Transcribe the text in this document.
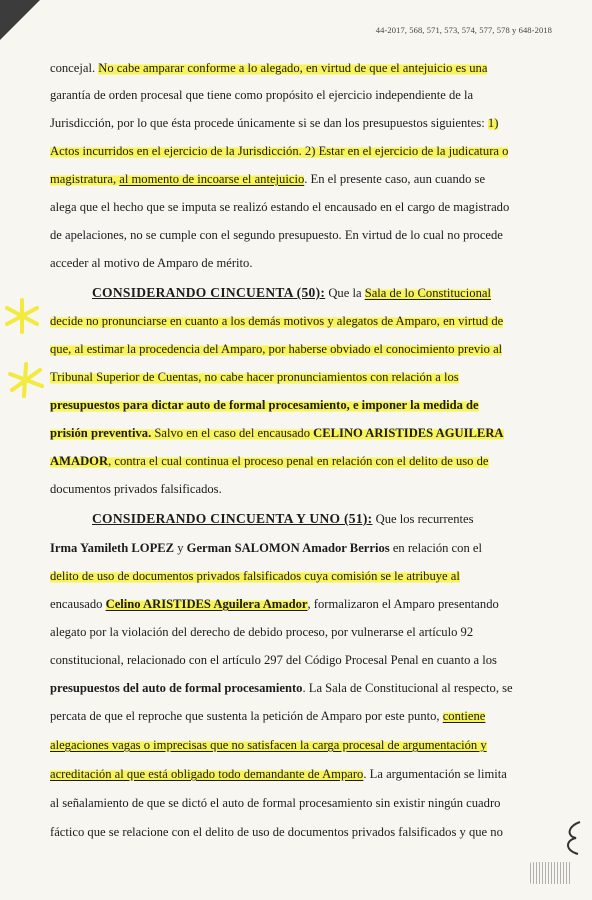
44-2017, 568, 571, 573, 574, 577, 578 y 648-2018
concejal. No cabe amparar conforme a lo alegado, en virtud de que el antejuicio es una
garantía de orden procesal que tiene como propósito el ejercicio independiente de la
Jurisdicción, por lo que ésta procede únicamente si se dan los presupuestos siguientes: 1)
Actos incurridos en el ejercicio de la Jurisdicción. 2) Estar en el ejercicio de la judicatura o
magistratura, al momento de incoarse el antejuicio. En el presente caso, aun cuando se
alega que el hecho que se imputa se realizó estando el encausado en el cargo de magistrado
de apelaciones, no se cumple con el segundo presupuesto. En virtud de lo cual no procede
acceder al motivo de Amparo de mérito.
CONSIDERANDO CINCUENTA (50): Que la Sala de lo Constitucional
decide no pronunciarse en cuanto a los demás motivos y alegatos de Amparo, en virtud de
que, al estimar la procedencia del Amparo, por haberse obviado el conocimiento previo al
Tribunal Superior de Cuentas, no cabe hacer pronunciamientos con relación a los
presupuestos para dictar auto de formal procesamiento, e imponer la medida de
prisión preventiva. Salvo en el caso del encausado CELINO ARISTIDES AGUILERA
AMADOR, contra el cual continua el proceso penal en relación con el delito de uso de
documentos privados falsificados.
CONSIDERANDO CINCUENTA Y UNO (51): Que los recurrentes
Irma Yamileth LOPEZ y German SALOMON Amador Berrios en relación con el
delito de uso de documentos privados falsificados cuya comisión se le atribuye al
encausado Celino ARISTIDES Aguilera Amador, formalizaron el Amparo presentando
alegato por la violación del derecho de debido proceso, por vulnerarse el artículo 92
constitucional, relacionado con el artículo 297 del Código Procesal Penal en cuanto a los
presupuestos del auto de formal procesamiento. La Sala de Constitucional al respecto, se
percata de que el reproche que sustenta la petición de Amparo por este punto, contiene
alegaciones vagas o imprecisas que no satisfacen la carga procesal de argumentación y
acreditación al que está obligado todo demandante de Amparo. La argumentación se limita
al señalamiento de que se dictó el auto de formal procesamiento sin existir ningún cuadro
fáctico que se relacione con el delito de uso de documentos privados falsificados y que no
